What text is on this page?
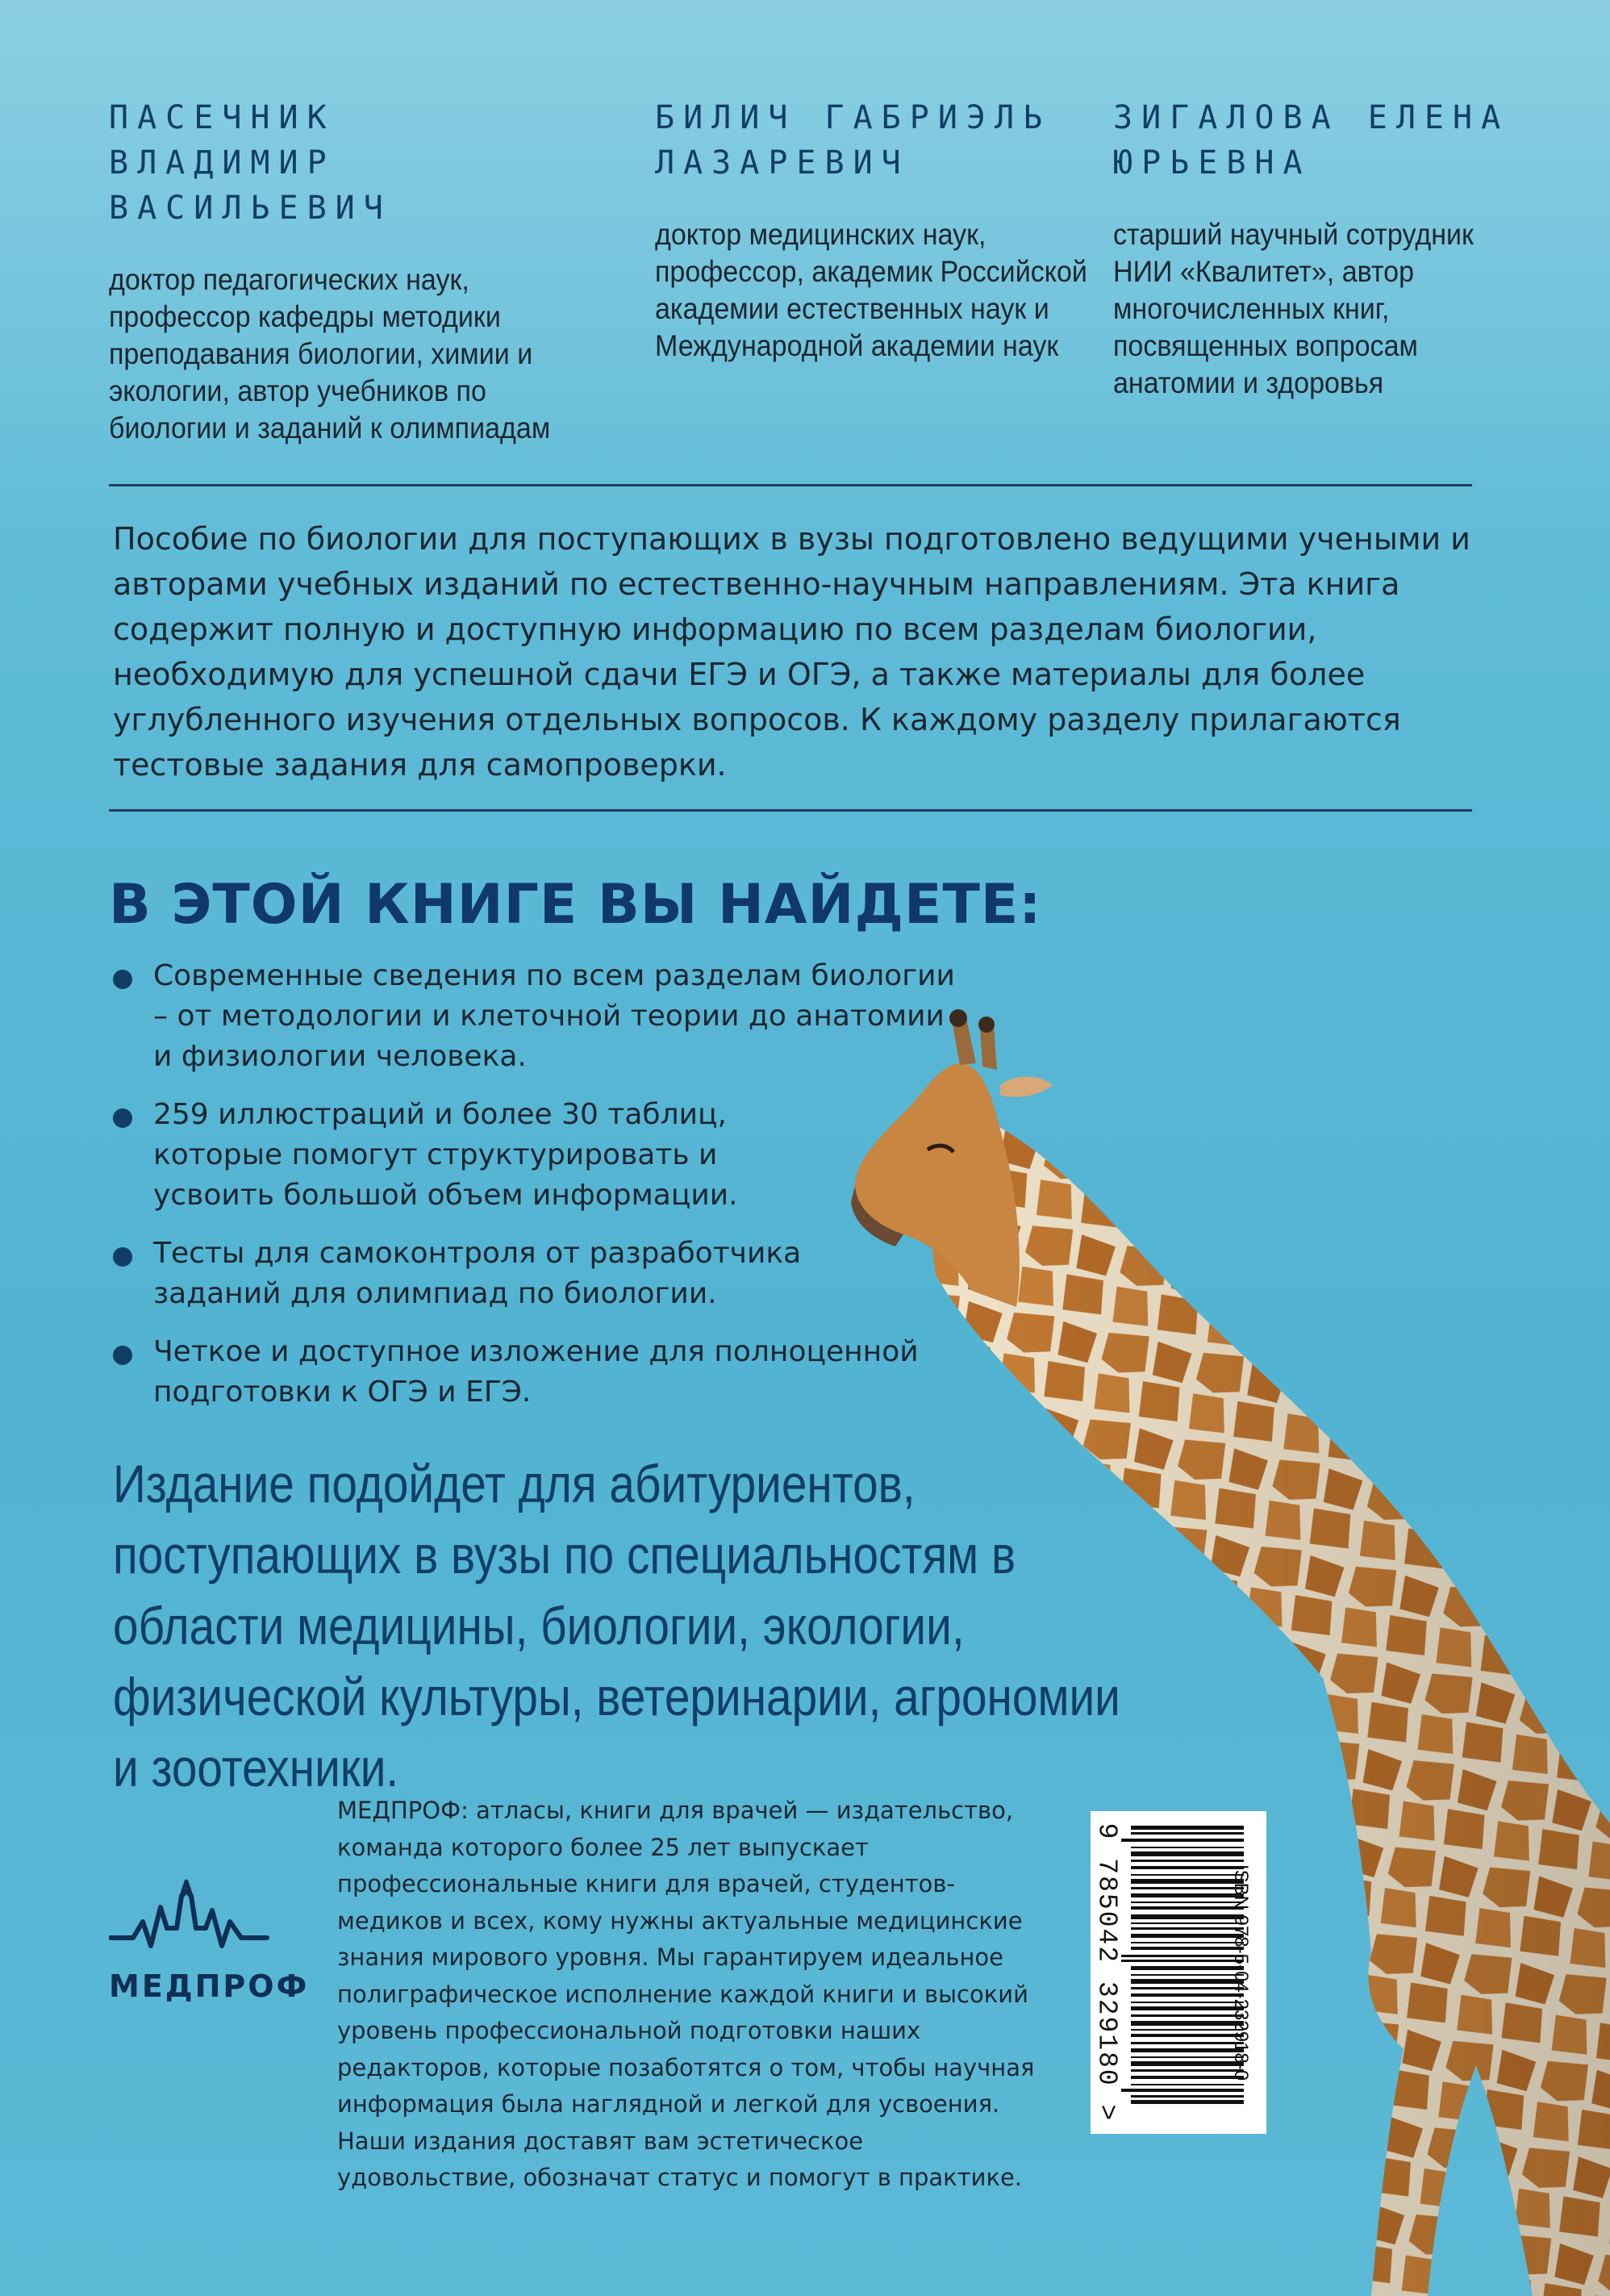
ПАСЕЧНИК ВЛАДИМИР
ВАСИЛЬЕВИЧ
доктор педагогических наук, профессор кафедры методики преподавания биологии, химии и экологии, автор учебников по биологии и заданий к олимпиадам
БИЛИЧ ГАБРИЭЛЬ
ЛАЗАРЕВИЧ
доктор медицинских наук, профессор, академик Российской академии естественных наук и Международной академии наук
ЗИГАЛОВА ЕЛЕНА
ЮРЬЕВНА
старший научный сотрудник НИИ «Квалитет», автор многочисленных книг, посвященных вопросам анатомии и здоровья

Пособие по биологии для поступающих в вузы подготовлено ведущими учеными и авторами учебных изданий по естественно-научным направлениям. Эта книга содержит полную и доступную информацию по всем разделам биологии, необходимую для успешной сдачи ЕГЭ и ОГЭ, а также материалы для более углубленного изучения отдельных вопросов. К каждому разделу прилагаются тестовые задания для самопроверки.

В ЭТОЙ КНИГЕ ВЫ НАЙДЕТЕ:
Современные сведения по всем разделам биологии – от методологии и клеточной теории до анатомии и физиологии человека.
259 иллюстраций и более 30 таблиц, которые помогут структурировать и усвоить большой объем информации.
Тесты для самоконтроля от разработчика заданий для олимпиад по биологии.
Четкое и доступное изложение для полноценной подготовки к ОГЭ и ЕГЭ.

Издание подойдет для абитуриентов, поступающих в вузы по специальностям в области медицины, биологии, экологии, физической культуры, ветеринарии, агрономии и зоотехники.

МЕДПРОФ

МЕДПРОФ: атласы, книги для врачей — издательство, команда которого более 25 лет выпускает профессиональные книги для врачей, студентов-медиков и всех, кому нужны актуальные медицинские знания мирового уровня. Мы гарантируем идеальное полиграфическое исполнение каждой книги и высокий уровень профессиональной подготовки наших редакторов, которые позаботятся о том, чтобы научная информация была наглядной и легкой для усвоения. Наши издания доставят вам эстетическое удовольствие, обозначат статус и помогут в практике.

ISBN 978-5-04-232918-0
9 785042 329180 >
